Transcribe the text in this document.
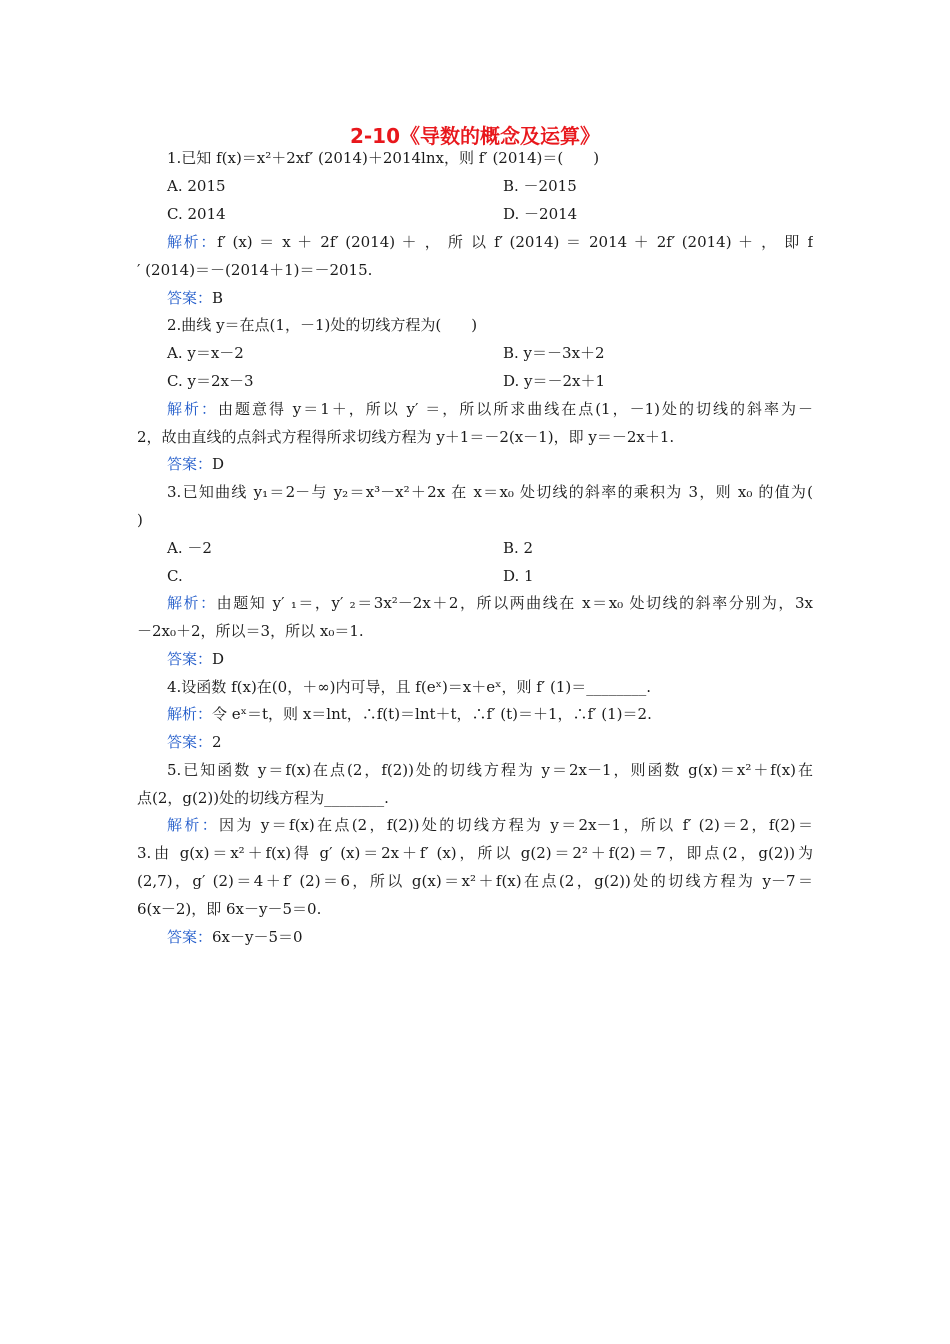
2-10《导数的概念及运算》
1.已知 f(x)＝x²＋2xf′ (2014)＋2014lnx，则 f′ (2014)＝(　　)
A. 2015	B. －2015
C. 2014	D. －2014
解析：f′ (x) ＝ x ＋ 2f′ (2014) ＋ ， 所 以 f′ (2014) ＝ 2014 ＋ 2f′ (2014) ＋ ， 即 f
′ (2014)＝－(2014＋1)＝－2015.
答案：B
2.曲线 y＝在点(1，－1)处的切线方程为(　　)
A. y＝x－2	B. y＝－3x＋2
C. y＝2x－3	D. y＝－2x＋1
解析：由题意得 y＝1＋，所以 y′ ＝，所以所求曲线在点(1，－1)处的切线的斜率为－
2，故由直线的点斜式方程得所求切线方程为 y＋1＝－2(x－1)，即 y＝－2x＋1.
答案：D
3.已知曲线 y₁＝2－与 y₂＝x³－x²＋2x 在 x＝x₀ 处切线的斜率的乘积为 3，则 x₀ 的值为(
)
A. －2	B. 2
C.	D. 1
解析：由题知 y′ ₁＝，y′ ₂＝3x²－2x＋2，所以两曲线在 x＝x₀ 处切线的斜率分别为，3x
－2x₀＋2，所以＝3，所以 x₀＝1.
答案：D
4.设函数 f(x)在(0，＋∞)内可导，且 f(eˣ)＝x＋eˣ，则 f′ (1)＝________.
解析：令 eˣ＝t，则 x＝lnt，∴f(t)＝lnt＋t，∴f′ (t)＝＋1，∴f′ (1)＝2.
答案：2
5.已知函数 y＝f(x)在点(2，f(2))处的切线方程为 y＝2x－1，则函数 g(x)＝x²＋f(x)在
点(2，g(2))处的切线方程为________.
解析：因为 y＝f(x)在点(2，f(2))处的切线方程为 y＝2x－1，所以 f′ (2)＝2，f(2)＝
3.由 g(x)＝x²＋f(x)得 g′ (x)＝2x＋f′ (x)，所以 g(2)＝2²＋f(2)＝7，即点(2，g(2))为
(2,7)，g′ (2)＝4＋f′ (2)＝6，所以 g(x)＝x²＋f(x)在点(2，g(2))处的切线方程为 y－7＝
6(x－2)，即 6x－y－5＝0.
答案：6x－y－5＝0
